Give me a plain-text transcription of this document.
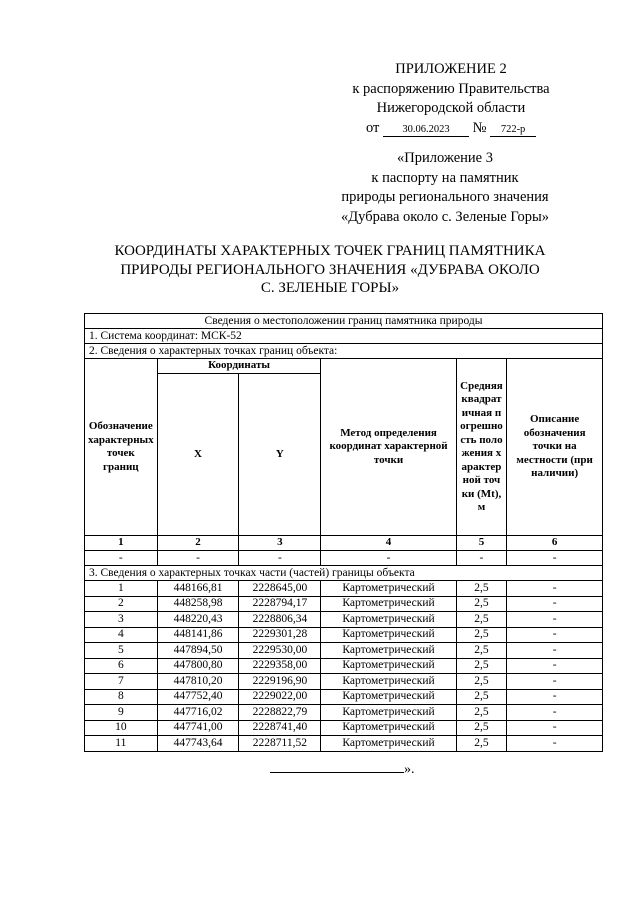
ПРИЛОЖЕНИЕ 2
к распоряжению Правительства
Нижегородской области
от 30.06.2023 № 722-р
«Приложение 3
к паспорту на памятник
природы регионального значения
«Дубрава около с. Зеленые Горы»
КООРДИНАТЫ ХАРАКТЕРНЫХ ТОЧЕК ГРАНИЦ ПАМЯТНИКА
ПРИРОДЫ РЕГИОНАЛЬНОГО ЗНАЧЕНИЯ «ДУБРАВА ОКОЛО
С. ЗЕЛЕНЫЕ ГОРЫ»
Сведения о местоположении границ памятника природы					
1. Система координат: МСК-52					
2. Сведения о характерных точках границ объекта:					
Обозначение характерных точек границ	Координаты		Метод определения координат характерной точки	Средняя квадратичная погрешность положения характерной точки (Mt), м	Описание обозначения точки на местности (при наличии)
	X	Y			
1	2	3	4	5	6
-	-	-	-	-	-
3. Сведения о характерных точках части (частей) границы объекта					
1	448166,81	2228645,00	Картометрический	2,5	-
2	448258,98	2228794,17	Картометрический	2,5	-
3	448220,43	2228806,34	Картометрический	2,5	-
4	448141,86	2229301,28	Картометрический	2,5	-
5	447894,50	2229530,00	Картометрический	2,5	-
6	447800,80	2229358,00	Картометрический	2,5	-
7	447810,20	2229196,90	Картометрический	2,5	-
8	447752,40	2229022,00	Картометрический	2,5	-
9	447716,02	2228822,79	Картометрический	2,5	-
10	447741,00	2228741,40	Картометрический	2,5	-
11	447743,64	2228711,52	Картометрический	2,5	-
».
